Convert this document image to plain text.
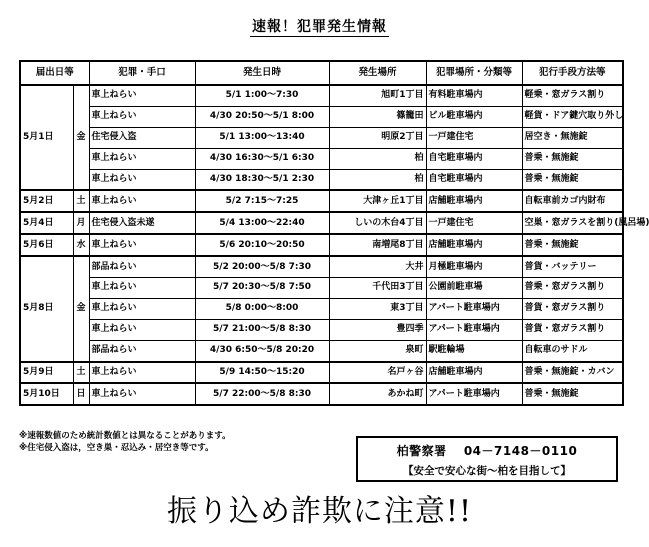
速報！犯罪発生情報
届出日等		犯罪・手口	発生日時	発生場所	犯罪場所・分類等	犯行手段方法等
5月1日	金	車上ねらい	5/1 1:00～7:30	旭町1丁目	有料駐車場内	軽乗・窓ガラス割り
		車上ねらい	4/30 20:50～5/1 8:00	篠籠田	ビル駐車場内	軽貨・ドア鍵穴取り外し
		住宅侵入盗	5/1 13:00～13:40	明原2丁目	一戸建住宅	居空き・無施錠
		車上ねらい	4/30 16:30～5/1 6:30	柏	自宅駐車場内	普乗・無施錠
		車上ねらい	4/30 18:30～5/1 2:30	柏	自宅駐車場内	普乗・無施錠
5月2日	土	車上ねらい	5/2 7:15～7:25	大津ヶ丘1丁目	店舗駐車場内	自転車前カゴ内財布
5月4日	月	住宅侵入盗未遂	5/4 13:00～22:40	しいの木台4丁目	一戸建住宅	空巣・窓ガラスを割り(風呂場)
5月6日	水	車上ねらい	5/6 20:10～20:50	南増尾8丁目	店舗駐車場内	普乗・無施錠
5月8日	金	部品ねらい	5/2 20:00～5/8 7:30	大井	月極駐車場内	普貨・バッテリー
		車上ねらい	5/7 20:30～5/8 7:50	千代田3丁目	公園前駐車場	普乗・窓ガラス割り
		車上ねらい	5/8 0:00～8:00	東3丁目	アパート駐車場内	普貨・窓ガラス割り
		車上ねらい	5/7 21:00～5/8 8:30	豊四季	アパート駐車場内	普貨・窓ガラス割り
		部品ねらい	4/30 6:50～5/8 20:20	泉町	駅駐輪場	自転車のサドル
5月9日	土	車上ねらい	5/9 14:50～15:20	名戸ヶ谷	店舗駐車場内	普乗・無施錠・カバン
5月10日	日	車上ねらい	5/7 22:00～5/8 8:30	あかね町	アパート駐車場内	普乗・無施錠
※速報数値のため統計数値とは異なることがあります。
※住宅侵入盗は，空き巣・忍込み・居空き等です。	柏警察署　 04－7148－0110
【安全で安心な街～柏を目指して】
振り込め詐欺に注意!!
